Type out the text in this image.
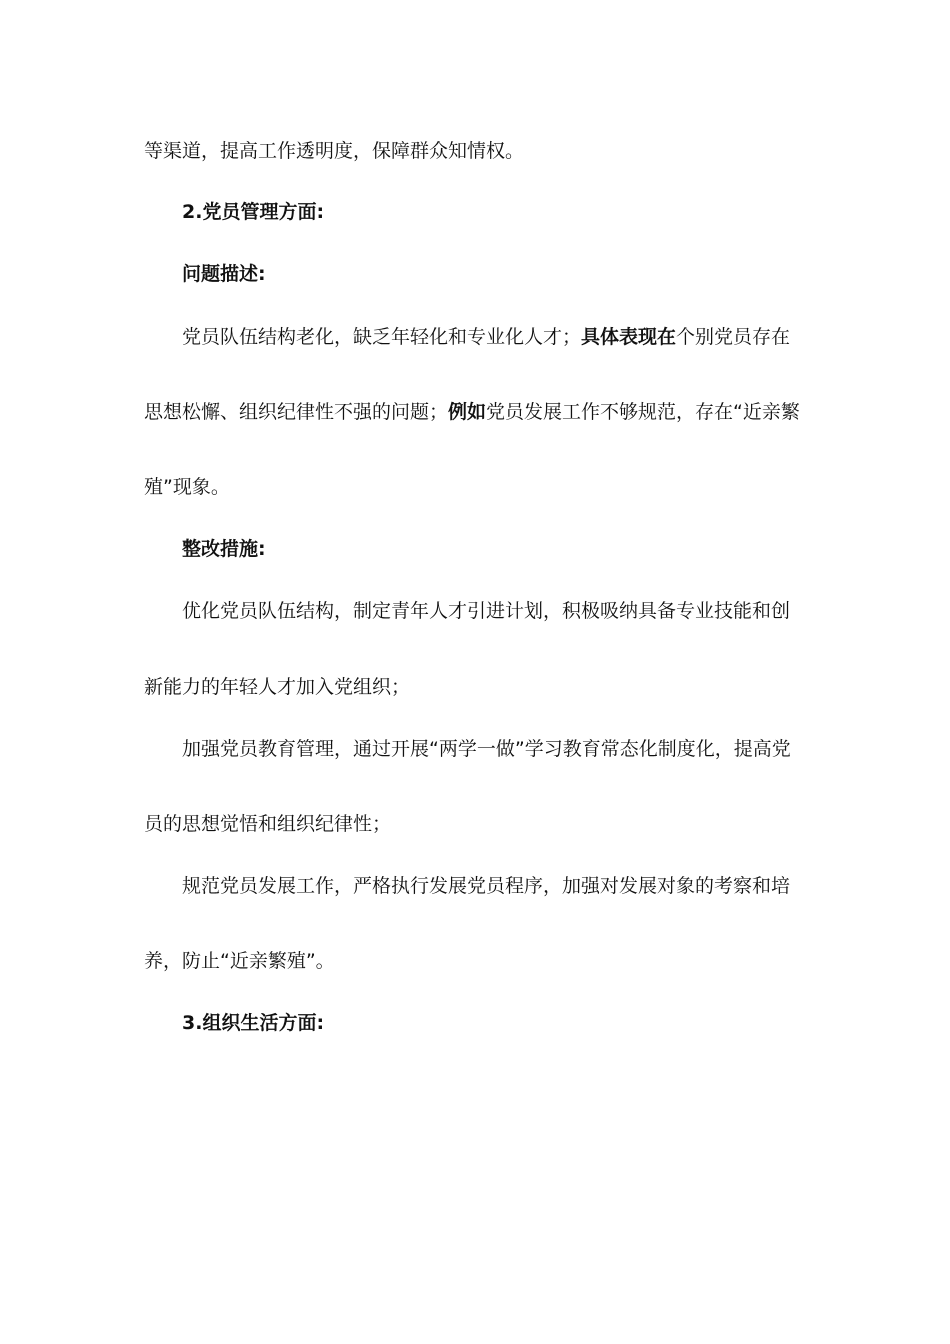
等渠道，提高工作透明度，保障群众知情权。
2.党员管理方面:
问题描述:
党员队伍结构老化，缺乏年轻化和专业化人才；具体表现在个别党员存在
思想松懈、组织纪律性不强的问题；例如党员发展工作不够规范，存在“近亲繁
殖”现象。
整改措施:
优化党员队伍结构，制定青年人才引进计划，积极吸纳具备专业技能和创
新能力的年轻人才加入党组织；
加强党员教育管理，通过开展“两学一做”学习教育常态化制度化，提高党
员的思想觉悟和组织纪律性；
规范党员发展工作，严格执行发展党员程序，加强对发展对象的考察和培
养，防止“近亲繁殖”。
3.组织生活方面:
